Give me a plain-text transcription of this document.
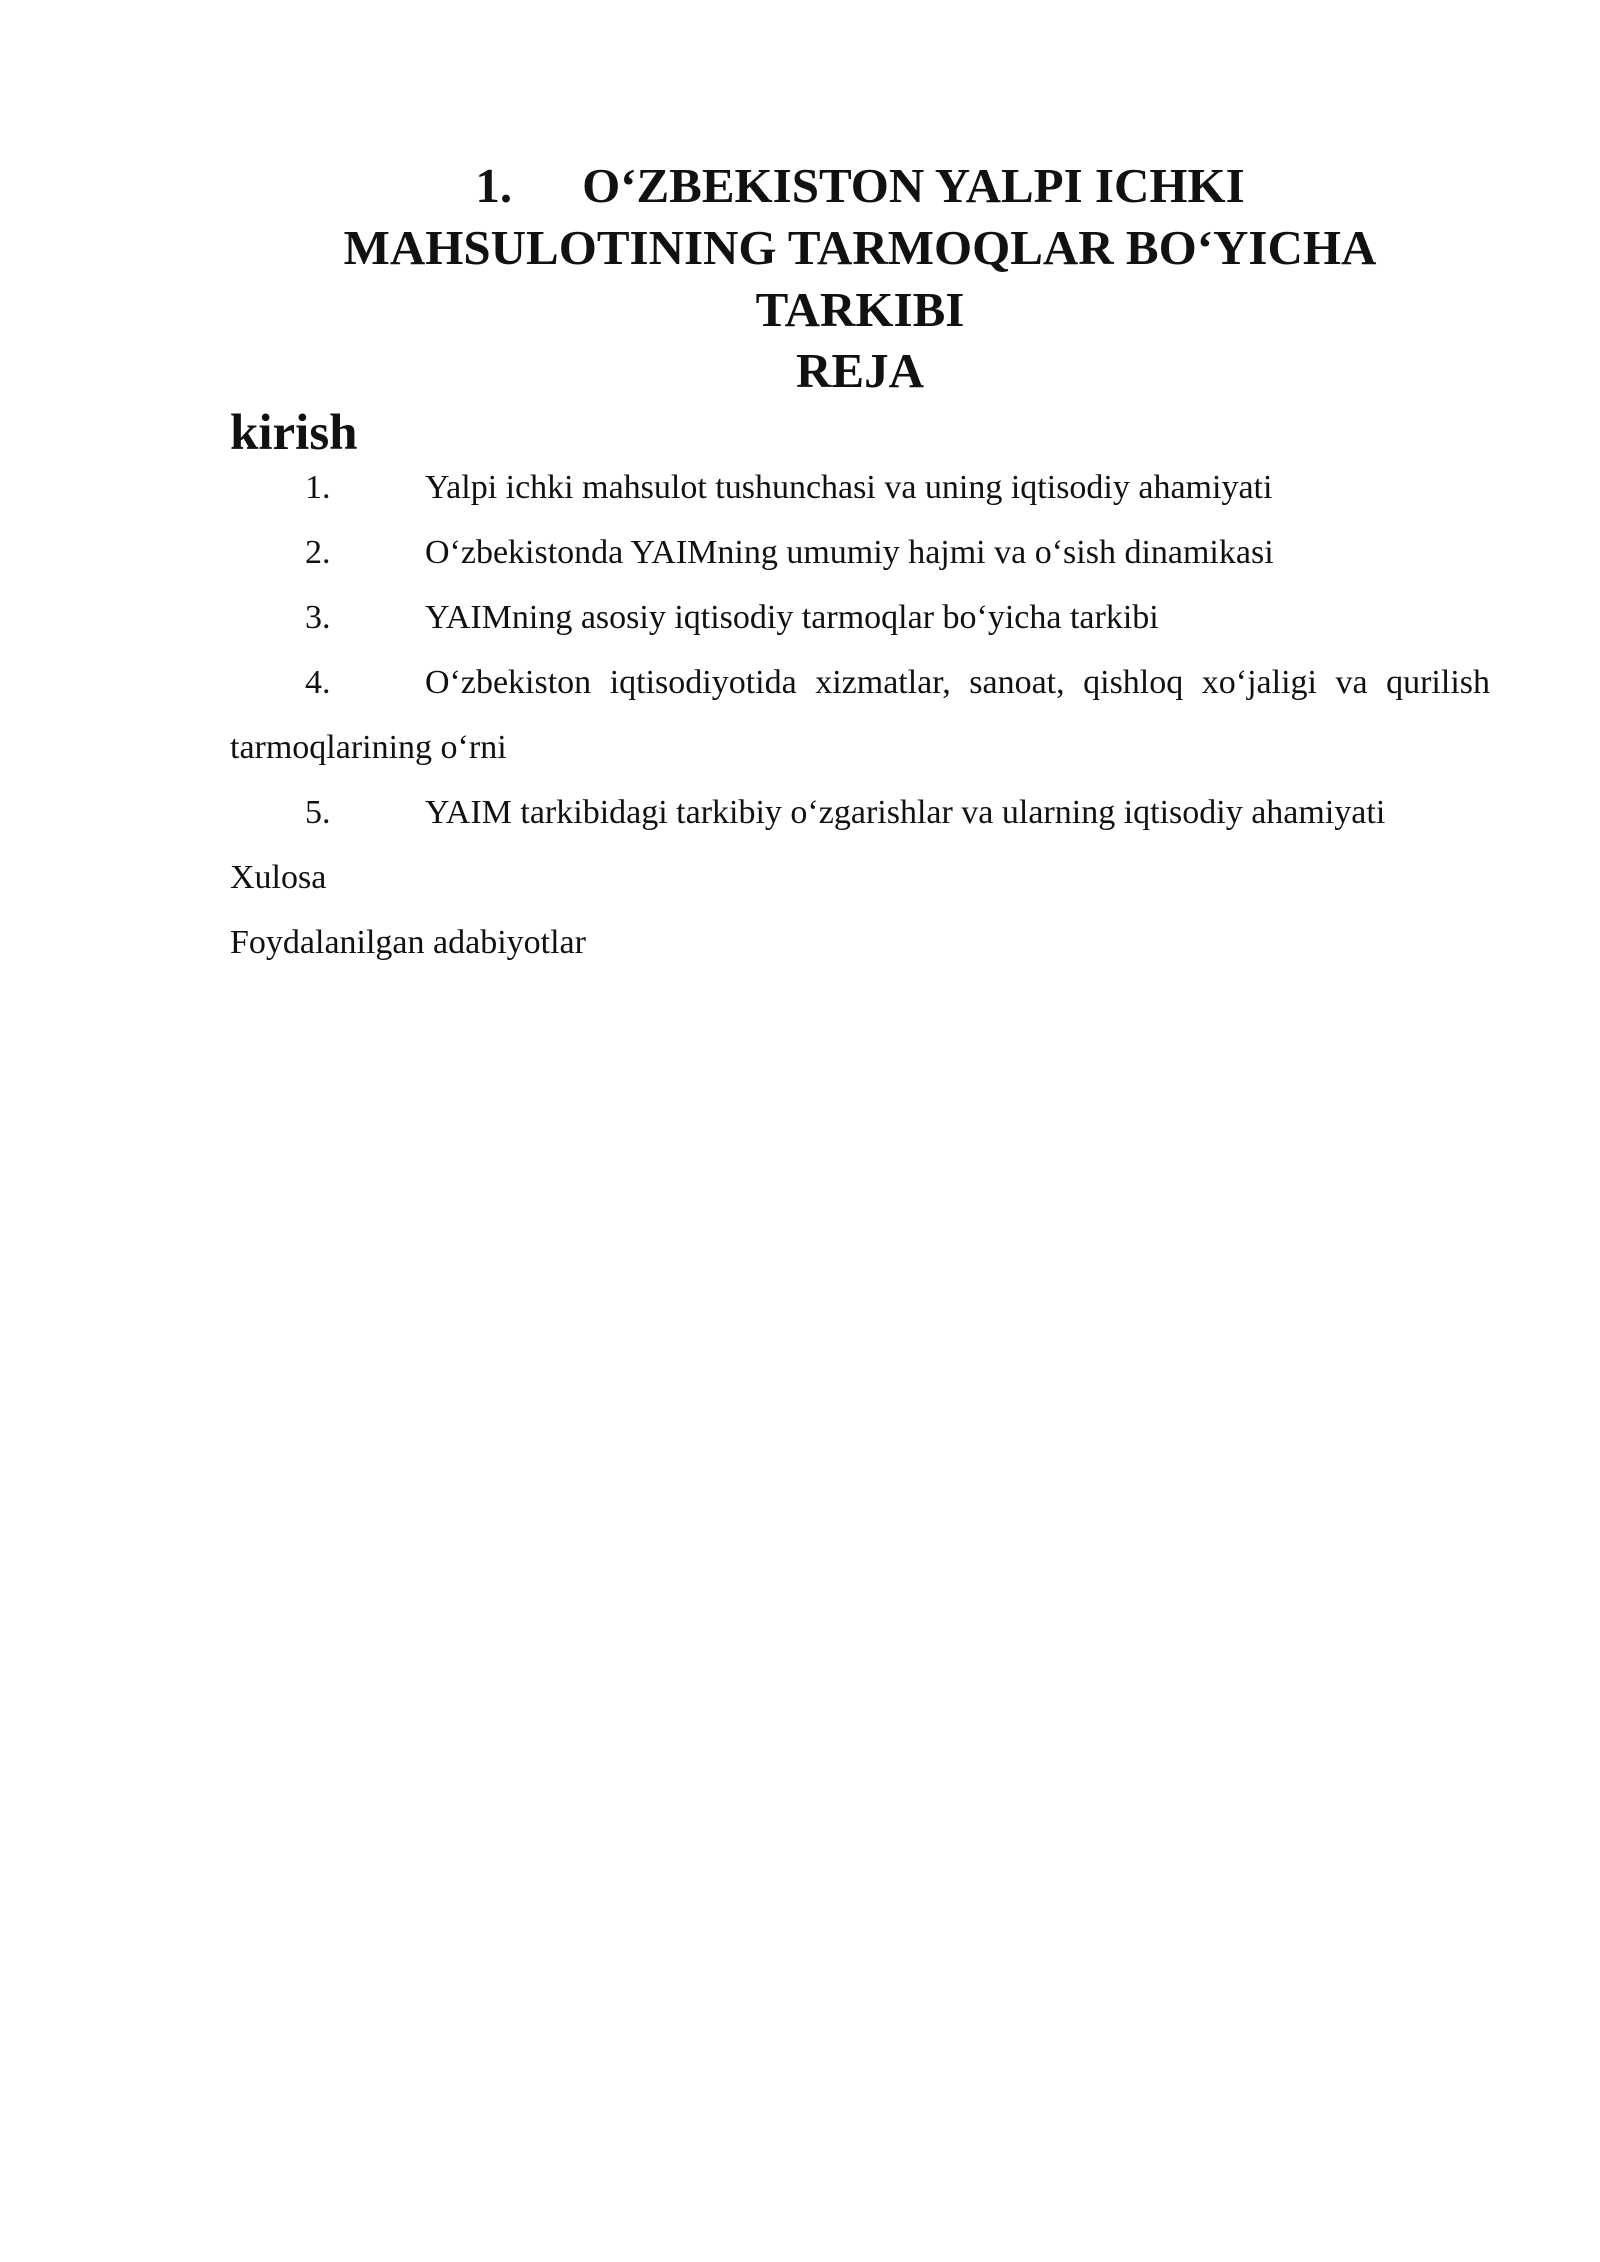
1. O‘ZBEKISTON YALPI ICHKI
MAHSULOTINING TARMOQLAR BO‘YICHA
TARKIBI
REJA
kirish
1.	Yalpi ichki mahsulot tushunchasi va uning iqtisodiy ahamiyati
2.	O‘zbekistonda YAIMning umumiy hajmi va o‘sish dinamikasi
3.	YAIMning asosiy iqtisodiy tarmoqlar bo‘yicha tarkibi
4.	O‘zbekiston iqtisodiyotida xizmatlar, sanoat, qishloq xo‘jaligi va qurilish tarmoqlarining o‘rni
5.	YAIM tarkibidagi tarkibiy o‘zgarishlar va ularning iqtisodiy ahamiyati
Xulosa
Foydalanilgan adabiyotlar
